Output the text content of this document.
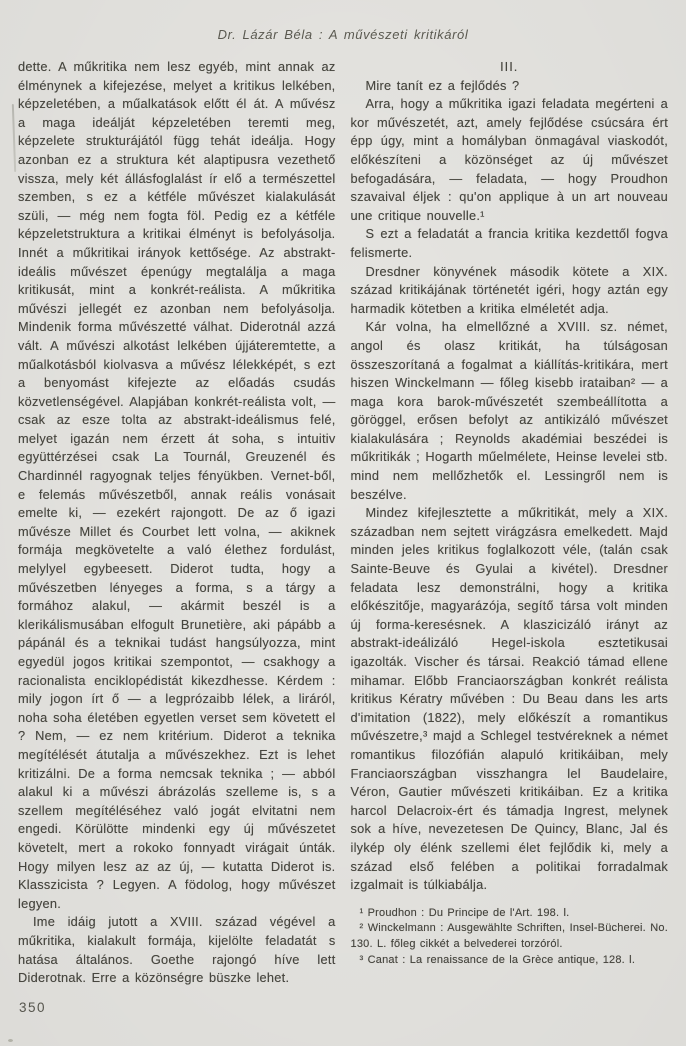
Dr. Lázár Béla : A művészeti kritikáról

dette. A műkritika nem lesz egyéb, mint annak az élménynek a kifejezése, melyet a kritikus lelkében, képzeletében, a műalkatások előtt él át. A művész a maga ideálját képzeletében teremti meg, képzelete strukturájától függ tehát ideálja. Hogy azonban ez a struktura két alaptipusra vezethető vissza, mely két állásfoglalást ír elő a természettel szemben, s ez a kétféle művészet kialakulását szüli, — még nem fogta föl. Pedig ez a kétféle képzeletstruktura a kritikai élményt is befolyásolja. Innét a műkritikai irányok kettősége. Az abstrakt-ideális művészet épenúgy megtalálja a maga kritikusát, mint a konkrét-reálista. A műkritika művészi jellegét ez azonban nem befolyásolja. Mindenik forma művészetté válhat. Diderotnál azzá vált. A művészi alkotást lelkében újjáteremtette, a műalkotásból kiolvasva a művész lélekképét, s ezt a benyomást kifejezte az előadás csudás közvetlenségével. Alapjában konkrét-reálista volt, — csak az esze tolta az abstrakt-ideálismus felé, melyet igazán nem érzett át soha, s intuitiv együttérzései csak La Tournál, Greuzenél és Chardinnél ragyognak teljes fényükben. Vernet-ből, e felemás művészetből, annak reális vonásait emelte ki, — ezekért rajongott. De az ő igazi művésze Millet és Courbet lett volna, — akiknek formája megkövetelte a való élethez fordulást, melylyel egybeesett. Diderot tudta, hogy a művészetben lényeges a forma, s a tárgy a formához alakul, — akármit beszél is a klerikálismusában elfogult Brunetière, aki pápább a pápánál és a teknikai tudást hangsúlyozza, mint egyedül jogos kritikai szempontot, — csakhogy a racionalista enciklopédistát kikezdhesse. Kérdem : mily jogon írt ő — a legprózaibb lélek, a liráról, noha soha életében egyetlen verset sem követett el ? Nem, — ez nem kritérium. Diderot a teknika megítélését átutalja a művészekhez. Ezt is lehet kritizálni. De a forma nemcsak teknika ; — abból alakul ki a művészi ábrázolás szelleme is, s a szellem megítéléséhez való jogát elvitatni nem engedi. Körülötte mindenki egy új művészetet követelt, mert a rokoko fonnyadt virágait únták. Hogy milyen lesz az az új, — kutatta Diderot is. Klasszicista ? Legyen. A födolog, hogy művészet legyen.

Ime idáig jutott a XVIII. század végével a műkritika, kialakult formája, kijelölte feladatát s hatása általános. Goethe rajongó híve lett Diderotnak. Erre a közönségre büszke lehet.

III.

Mire tanít ez a fejlődés ?

Arra, hogy a műkritika igazi feladata megérteni a kor művészetét, azt, amely fejlődése csúcsára ért épp úgy, mint a homályban önmagával viaskodót, előkészíteni a közönséget az új művészet befogadására, — feladata, — hogy Proudhon szavaival éljek : qu'on applique à un art nouveau une critique nouvelle.¹

S ezt a feladatát a francia kritika kezdettől fogva felismerte.

Dresdner könyvének második kötete a XIX. század kritikájának történetét igéri, hogy aztán egy harmadik kötetben a kritika elméletét adja.

Kár volna, ha elmellőzné a XVIII. sz. német, angol és olasz kritikát, ha túlságosan összeszorítaná a fogalmat a kiállítás-kritikára, mert hiszen Winckelmann — főleg kisebb irataiban² — a maga kora barok-művészetét szembeállította a göröggel, erősen befolyt az antikizáló művészet kialakulására ; Reynolds akadémiai beszédei is műkritikák ; Hogarth műelmélete, Heinse levelei stb. mind nem mellőzhetők el. Lessingről nem is beszélve.

Mindez kifejlesztette a műkritikát, mely a XIX. században nem sejtett virágzásra emelkedett. Majd minden jeles kritikus foglalkozott véle, (talán csak Sainte-Beuve és Gyulai a kivétel). Dresdner feladata lesz demonstrálni, hogy a kritika előkészitője, magyarázója, segítő társa volt minden új forma-keresésnek. A klaszicizáló irányt az abstrakt-ideálizáló Hegel-iskola esztetikusai igazolták. Vischer és társai. Reakció támad ellene mihamar. Előbb Franciaországban konkrét reálista kritikus Kératry művében : Du Beau dans les arts d'imitation (1822), mely előkészít a romantikus művészetre,³ majd a Schlegel testvéreknek a német romantikus filozófián alapuló kritikáiban, mely Franciaországban visszhangra lel Baudelaire, Véron, Gautier művészeti kritikáiban. Ez a kritika harcol Delacroix-ért és támadja Ingrest, melynek sok a híve, nevezetesen De Quincy, Blanc, Jal és ilykép oly élénk szellemi élet fejlődik ki, mely a század első felében a politikai forradalmak izgalmait is túlkiabálja.

¹ Proudhon : Du Principe de l'Art. 198. l.

² Winckelmann : Ausgewählte Schriften, Insel-Bücherei. No. 130. L. főleg cikkét a belvederei torzóról.

³ Canat : La renaissance de la Grèce antique, 128. l.

350
